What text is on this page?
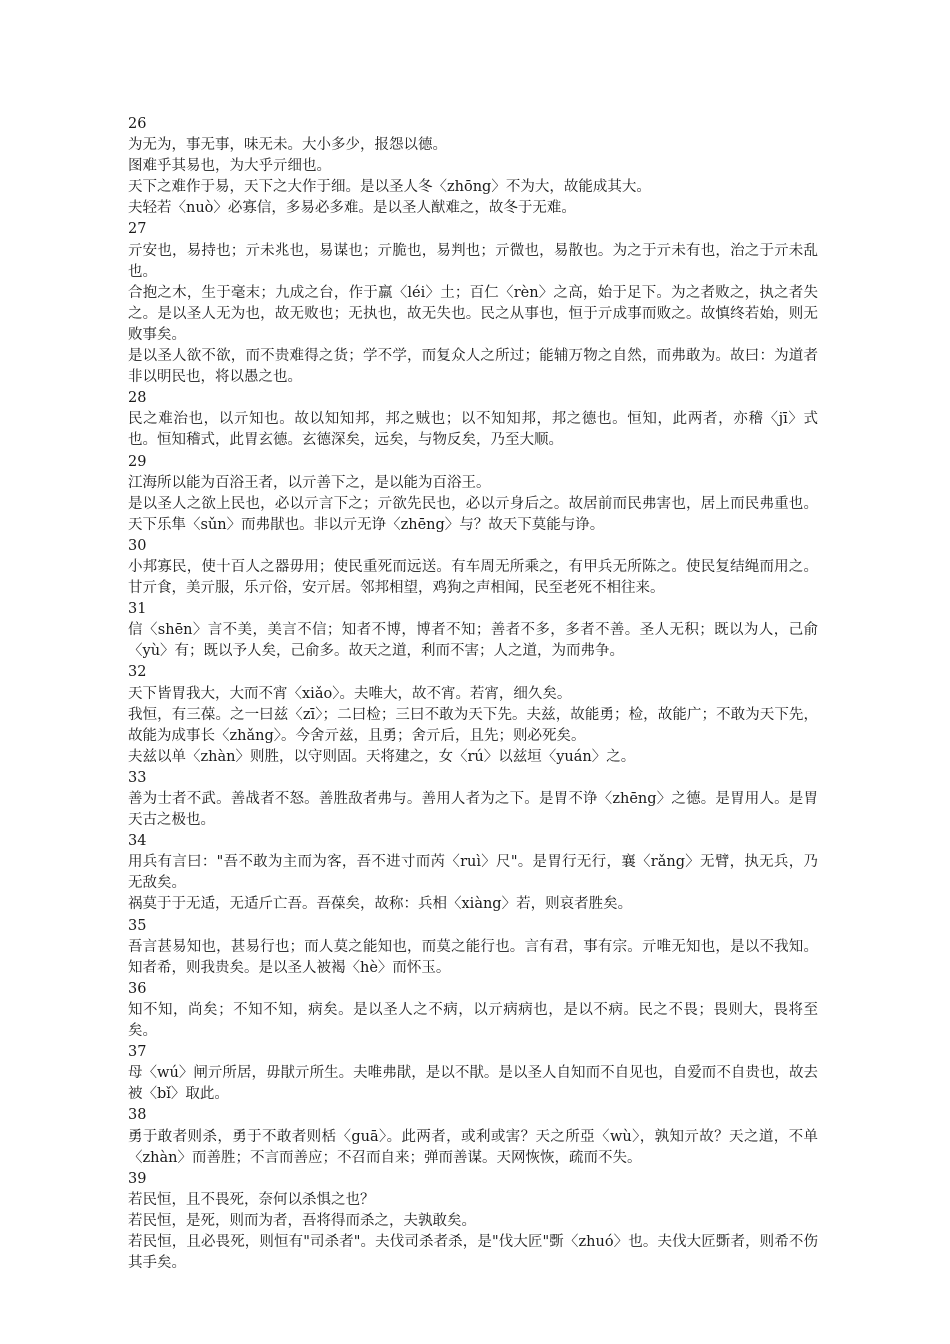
26

为无为，事无事，味无未。大小多少，报怨以德。

图难乎其易也，为大乎亓细也。

天下之难作于易，天下之大作于细。是以圣人冬〈zhōng〉不为大，故能成其大。

夫轻若〈nuò〉必寡信，多易必多难。是以圣人猷难之，故冬于无难。

27

亓安也，易持也；亓未兆也，易谋也；亓脆也，易判也；亓微也，易散也。为之于亓未有也，治之于亓未乱也。

合抱之木，生于毫末；九成之台，作于羸〈léi〉土；百仁〈rèn〉之高，始于足下。为之者败之，执之者失之。是以圣人无为也，故无败也；无执也，故无失也。民之从事也，恒于亓成事而败之。故慎终若始，则无败事矣。

是以圣人欲不欲，而不贵难得之货；学不学，而复众人之所过；能辅万物之自然，而弗敢为。故曰：为道者非以明民也，将以愚之也。

28

民之难治也，以亓知也。故以知知邦，邦之贼也；以不知知邦，邦之德也。恒知，此两者，亦稽〈jī〉式也。恒知稽式，此胃玄德。玄德深矣，远矣，与物反矣，乃至大顺。

29

江海所以能为百浴王者，以亓善下之，是以能为百浴王。

是以圣人之欲上民也，必以亓言下之；亓欲先民也，必以亓身后之。故居前而民弗害也，居上而民弗重也。天下乐隼〈sǔn〉而弗猒也。非以亓无诤〈zhēng〉与？故天下莫能与诤。

30

小邦寡民，使十百人之器毋用；使民重死而远送。有车周无所乘之，有甲兵无所陈之。使民复结绳而用之。甘亓食，美亓服，乐亓俗，安亓居。邻邦相望，鸡狗之声相闻，民至老死不相往来。

31

信〈shēn〉言不美，美言不信；知者不博，博者不知；善者不多，多者不善。圣人无积；既以为人，己俞〈yù〉有；既以予人矣，己俞多。故天之道，利而不害；人之道，为而弗争。

32

天下皆胃我大，大而不宵〈xiǎo〉。夫唯大，故不宵。若宵，细久矣。

我恒，有三葆。之一曰兹〈zī〉；二曰检；三曰不敢为天下先。夫兹，故能勇；检，故能广；不敢为天下先，故能为成事长〈zhǎng〉。今舍亓兹，且勇；舍亓后，且先；则必死矣。

夫兹以单〈zhàn〉则胜，以守则固。天将建之，女〈rú〉以兹垣〈yuán〉之。

33

善为士者不武。善战者不怒。善胜敌者弗与。善用人者为之下。是胃不诤〈zhēng〉之德。是胃用人。是胃天古之极也。

34

用兵有言曰："吾不敢为主而为客，吾不进寸而芮〈ruì〉尺"。是胃行无行，襄〈rǎng〉无臂，执无兵，乃无敌矣。

祸莫于于无适，无适斤亡吾。吾葆矣，故称：兵相〈xiàng〉若，则哀者胜矣。

35

吾言甚易知也，甚易行也；而人莫之能知也，而莫之能行也。言有君，事有宗。亓唯无知也，是以不我知。知者希，则我贵矣。是以圣人被褐〈hè〉而怀玉。

36

知不知，尚矣；不知不知，病矣。是以圣人之不病，以亓病病也，是以不病。民之不畏；畏则大，畏将至矣。

37

母〈wú〉闸亓所居，毋猒亓所生。夫唯弗猒，是以不猒。是以圣人自知而不自见也，自爱而不自贵也，故去被〈bǐ〉取此。

38

勇于敢者则杀，勇于不敢者则栝〈guā〉。此两者，或利或害？天之所亞〈wù〉，孰知亓故？天之道，不单〈zhàn〉而善胜；不言而善应；不召而自来；弹而善谋。天网恢恢，疏而不失。

39

若民恒，且不畏死，奈何以杀惧之也？

若民恒，是死，则而为者，吾将得而杀之，夫孰敢矣。

若民恒，且必畏死，则恒有"司杀者"。夫伐司杀者杀，是"伐大匠"斲〈zhuó〉也。夫伐大匠斲者，则希不伤其手矣。
